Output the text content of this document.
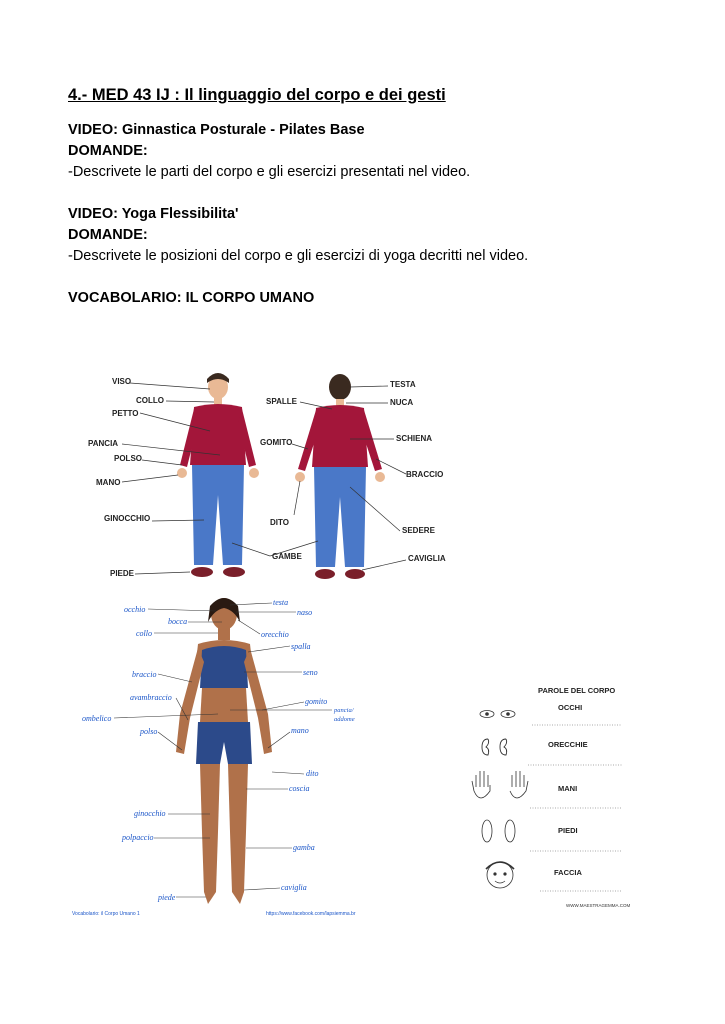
4.- MED 43 IJ : Il linguaggio del corpo e dei gesti
VIDEO: Ginnastica Posturale - Pilates Base
DOMANDE:
-Descrivete le parti del corpo e gli esercizi presentati nel video.
VIDEO: Yoga Flessibilita'
DOMANDE:
-Descrivete le posizioni del corpo e gli esercizi di yoga decritti nel video.
VOCABOLARIO: IL CORPO UMANO
VISO
COLLO
PETTO
PANCIA
POLSO
MANO
GINOCCHIO
PIEDE
TESTA
SPALLE	NUCA
SCHIENA
GOMITO
BRACCIO
DITO
SEDERE
GAMBE	CAVIGLIA
occhio
bocca
collo
braccio
avambraccio
ombelico
polso
ginocchio
polpaccio
piede
testa
naso
orecchio
spalla
seno
gomito
pancia/
addome
mano
dito
coscia
gamba
caviglia
Vocabolario: il Corpo Umano 1	https://www.facebook.com/lapsiemma.br
PAROLE DEL CORPO
OCCHI
ORECCHIE
MANI
PIEDI
FACCIA
WWW.MAESTRAGEMMA.COM
